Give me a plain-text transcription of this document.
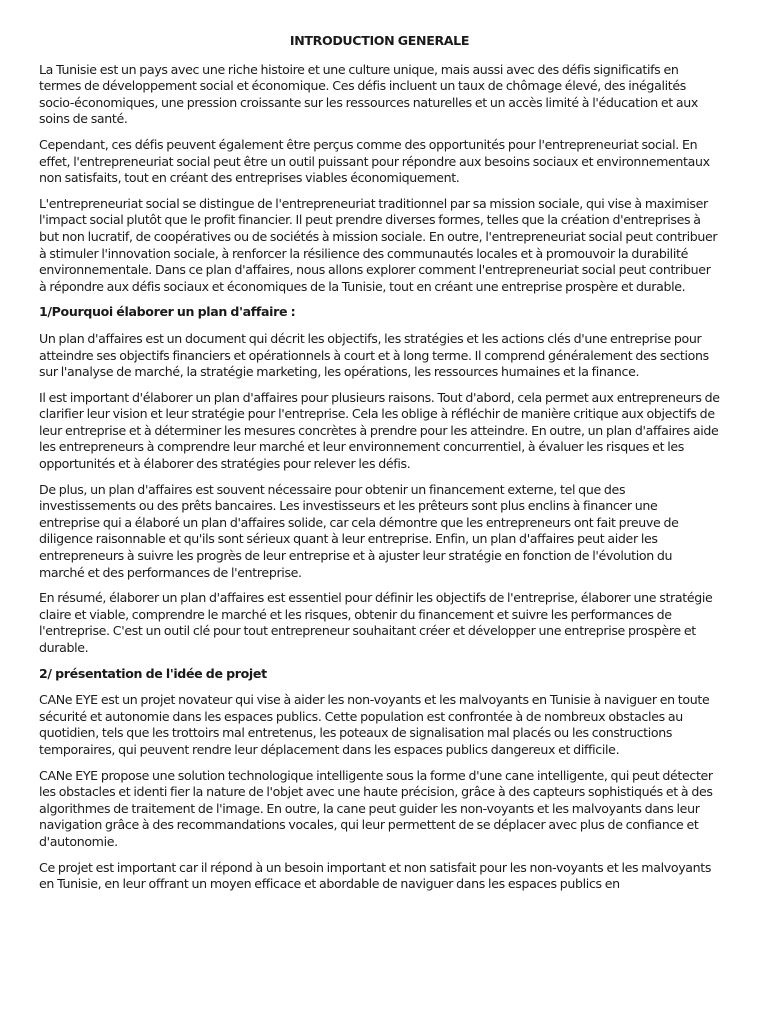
INTRODUCTION GENERALE

La Tunisie est un pays avec une riche histoire et une culture unique, mais aussi avec des défis significatifs en termes de développement social et économique. Ces défis incluent un taux de chômage élevé, des inégalités socio-économiques, une pression croissante sur les ressources naturelles et un accès limité à l'éducation et aux soins de santé.

Cependant, ces défis peuvent également être perçus comme des opportunités pour l'entrepreneuriat social. En effet, l'entrepreneuriat social peut être un outil puissant pour répondre aux besoins sociaux et environnementaux non satisfaits, tout en créant des entreprises viables économiquement.

L'entrepreneuriat social se distingue de l'entrepreneuriat traditionnel par sa mission sociale, qui vise à maximiser l'impact social plutôt que le profit financier. Il peut prendre diverses formes, telles que la création d'entreprises à but non lucratif, de coopératives ou de sociétés à mission sociale. En outre, l'entrepreneuriat social peut contribuer à stimuler l'innovation sociale, à renforcer la résilience des communautés locales et à promouvoir la durabilité environnementale. Dans ce plan d'affaires, nous allons explorer comment l'entrepreneuriat social peut contribuer à répondre aux défis sociaux et économiques de la Tunisie, tout en créant une entreprise prospère et durable.

1/Pourquoi élaborer un plan d'affaire :

Un plan d'affaires est un document qui décrit les objectifs, les stratégies et les actions clés d'une entreprise pour atteindre ses objectifs financiers et opérationnels à court et à long terme. Il comprend généralement des sections sur l'analyse de marché, la stratégie marketing, les opérations, les ressources humaines et la finance.

Il est important d'élaborer un plan d'affaires pour plusieurs raisons. Tout d'abord, cela permet aux entrepreneurs de clarifier leur vision et leur stratégie pour l'entreprise. Cela les oblige à réfléchir de manière critique aux objectifs de leur entreprise et à déterminer les mesures concrètes à prendre pour les atteindre. En outre, un plan d'affaires aide les entrepreneurs à comprendre leur marché et leur environnement concurrentiel, à évaluer les risques et les opportunités et à élaborer des stratégies pour relever les défis.

De plus, un plan d'affaires est souvent nécessaire pour obtenir un financement externe, tel que des investissements ou des prêts bancaires. Les investisseurs et les prêteurs sont plus enclins à financer une entreprise qui a élaboré un plan d'affaires solide, car cela démontre que les entrepreneurs ont fait preuve de diligence raisonnable et qu'ils sont sérieux quant à leur entreprise. Enfin, un plan d'affaires peut aider les entrepreneurs à suivre les progrès de leur entreprise et à ajuster leur stratégie en fonction de l'évolution du marché et des performances de l'entreprise.

En résumé, élaborer un plan d'affaires est essentiel pour définir les objectifs de l'entreprise, élaborer une stratégie claire et viable, comprendre le marché et les risques, obtenir du financement et suivre les performances de l'entreprise. C'est un outil clé pour tout entrepreneur souhaitant créer et développer une entreprise prospère et durable.

2/ présentation de l'idée de projet

CANe EYE est un projet novateur qui vise à aider les non-voyants et les malvoyants en Tunisie à naviguer en toute sécurité et autonomie dans les espaces publics. Cette population est confrontée à de nombreux obstacles au quotidien, tels que les trottoirs mal entretenus, les poteaux de signalisation mal placés ou les constructions temporaires, qui peuvent rendre leur déplacement dans les espaces publics dangereux et difficile.

CANe EYE propose une solution technologique intelligente sous la forme d'une cane intelligente, qui peut détecter les obstacles et identi fier la nature de l'objet avec une haute précision, grâce à des capteurs sophistiqués et à des algorithmes de traitement de l'image. En outre, la cane peut guider les non-voyants et les malvoyants dans leur navigation grâce à des recommandations vocales, qui leur permettent de se déplacer avec plus de confiance et d'autonomie.

Ce projet est important car il répond à un besoin important et non satisfait pour les non-voyants et les malvoyants en Tunisie, en leur offrant un moyen efficace et abordable de naviguer dans les espaces publics en
